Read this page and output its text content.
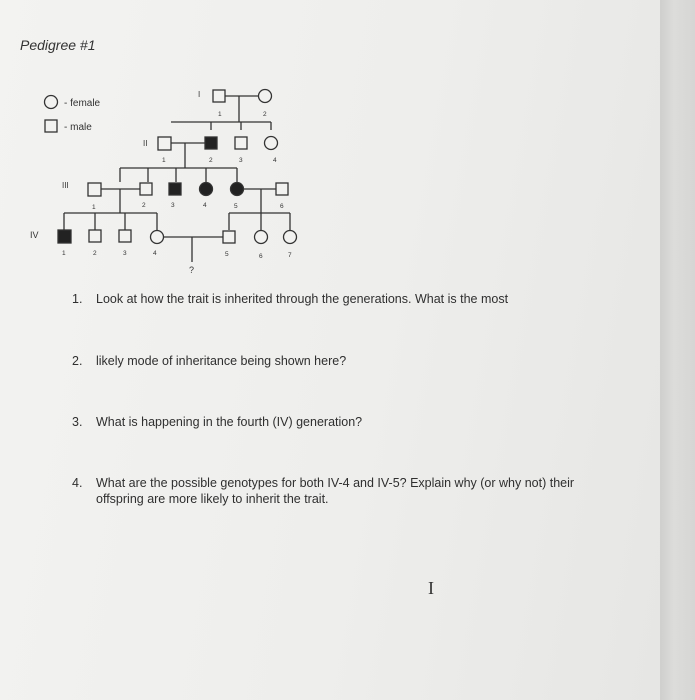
Pedigree #1
- female
- male
I
II
III
IV
1	2
1	2	3	4
1	2	3	4	5	6
1	2	3	4	5	6	7
?
1. Look at how the trait is inherited through the generations. What is the most
2. likely mode of inheritance being shown here?
3. What is happening in the fourth (IV) generation?
4. What are the possible genotypes for both IV-4 and IV-5? Explain why (or why not) their offspring are more likely to inherit the trait.
I
